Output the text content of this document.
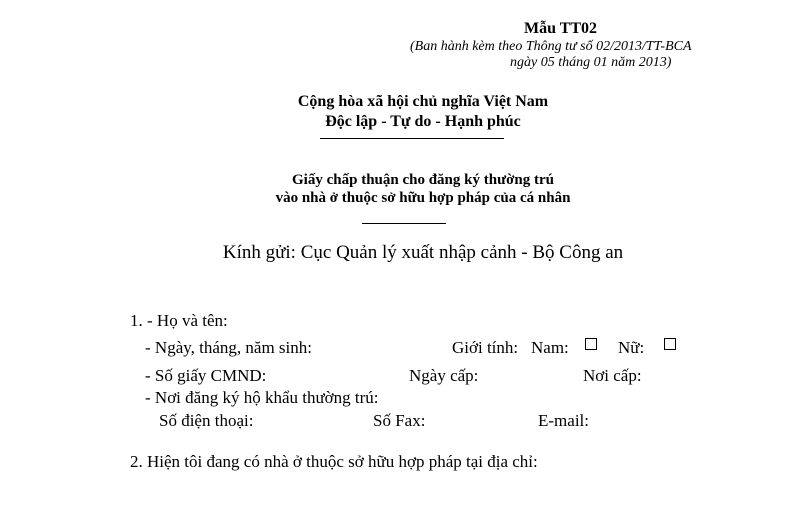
Mẫu TT02
(Ban hành kèm theo Thông tư số 02/2013/TT-BCA
ngày 05 tháng 01 năm 2013)
Cộng hòa xã hội chủ nghĩa Việt Nam
Độc lập - Tự do - Hạnh phúc
Giấy chấp thuận cho đăng ký thường trú
vào nhà ở thuộc sở hữu hợp pháp của cá nhân
Kính gửi: Cục Quản lý xuất nhập cảnh - Bộ Công an
1. - Họ và tên:
- Ngày, tháng, năm sinh:	Giới tính: Nam:	Nữ:
- Số giấy CMND:	Ngày cấp:	Nơi cấp:
- Nơi đăng ký hộ khẩu thường trú:
Số điện thoại:	Số Fax:	E-mail:
2. Hiện tôi đang có nhà ở thuộc sở hữu hợp pháp tại địa chỉ:
